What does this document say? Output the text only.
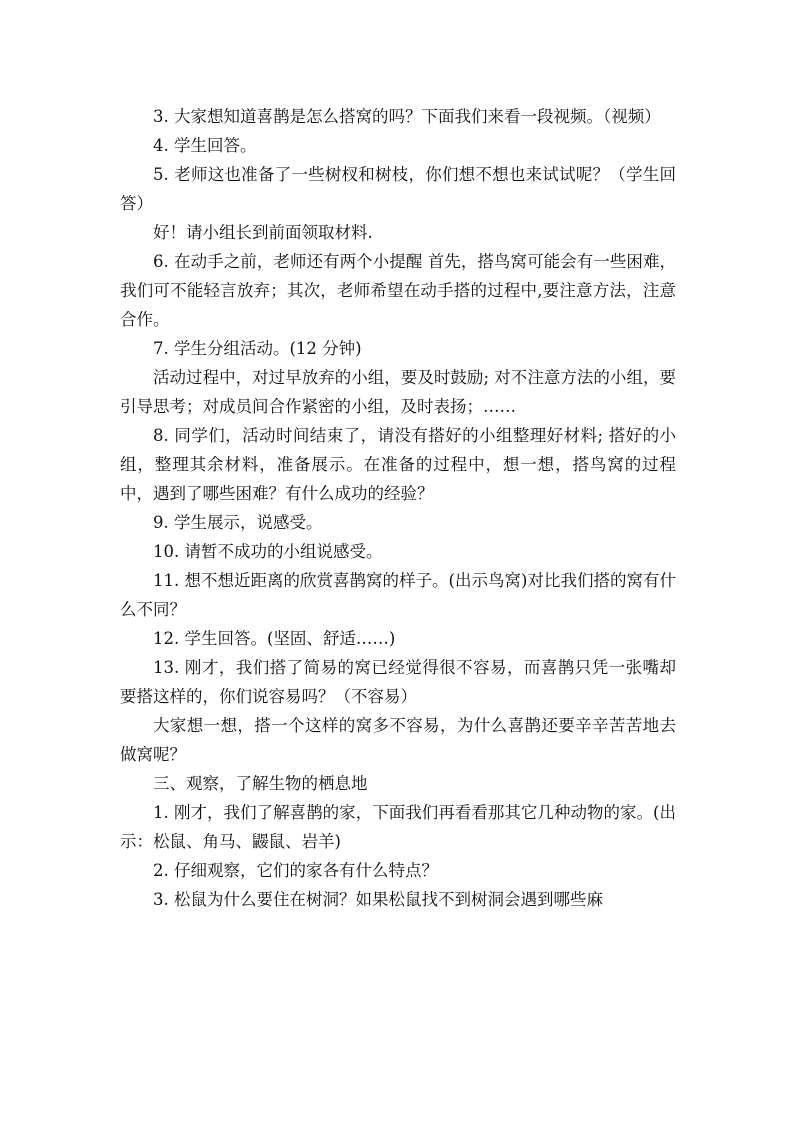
3. 大家想知道喜鹊是怎么搭窝的吗？下面我们来看一段视频。（视频）

4. 学生回答。

5. 老师这也准备了一些树杈和树枝，你们想不想也来试试呢？（学生回答）

好！请小组长到前面领取材料.

6. 在动手之前，老师还有两个小提醒 首先，搭鸟窝可能会有一些困难，我们可不能轻言放弃；其次，老师希望在动手搭的过程中,要注意方法，注意合作。

7. 学生分组活动。(12 分钟)

活动过程中，对过早放弃的小组，要及时鼓励; 对不注意方法的小组，要引导思考；对成员间合作紧密的小组，及时表扬；……

8. 同学们，活动时间结束了，请没有搭好的小组整理好材料; 搭好的小组，整理其余材料，准备展示。在准备的过程中，想一想，搭鸟窝的过程中，遇到了哪些困难？有什么成功的经验？

9. 学生展示，说感受。

10. 请暂不成功的小组说感受。

11. 想不想近距离的欣赏喜鹊窝的样子。(出示鸟窝)对比我们搭的窝有什么不同？

12. 学生回答。(坚固、舒适……)

13. 刚才，我们搭了简易的窝已经觉得很不容易，而喜鹊只凭一张嘴却要搭这样的，你们说容易吗？（不容易）

大家想一想，搭一个这样的窝多不容易，为什么喜鹊还要辛辛苦苦地去做窝呢？

三、观察，了解生物的栖息地

1. 刚才，我们了解喜鹊的家，下面我们再看看那其它几种动物的家。(出示：松鼠、角马、鼹鼠、岩羊)

2. 仔细观察，它们的家各有什么特点？

3. 松鼠为什么要住在树洞？如果松鼠找不到树洞会遇到哪些麻
